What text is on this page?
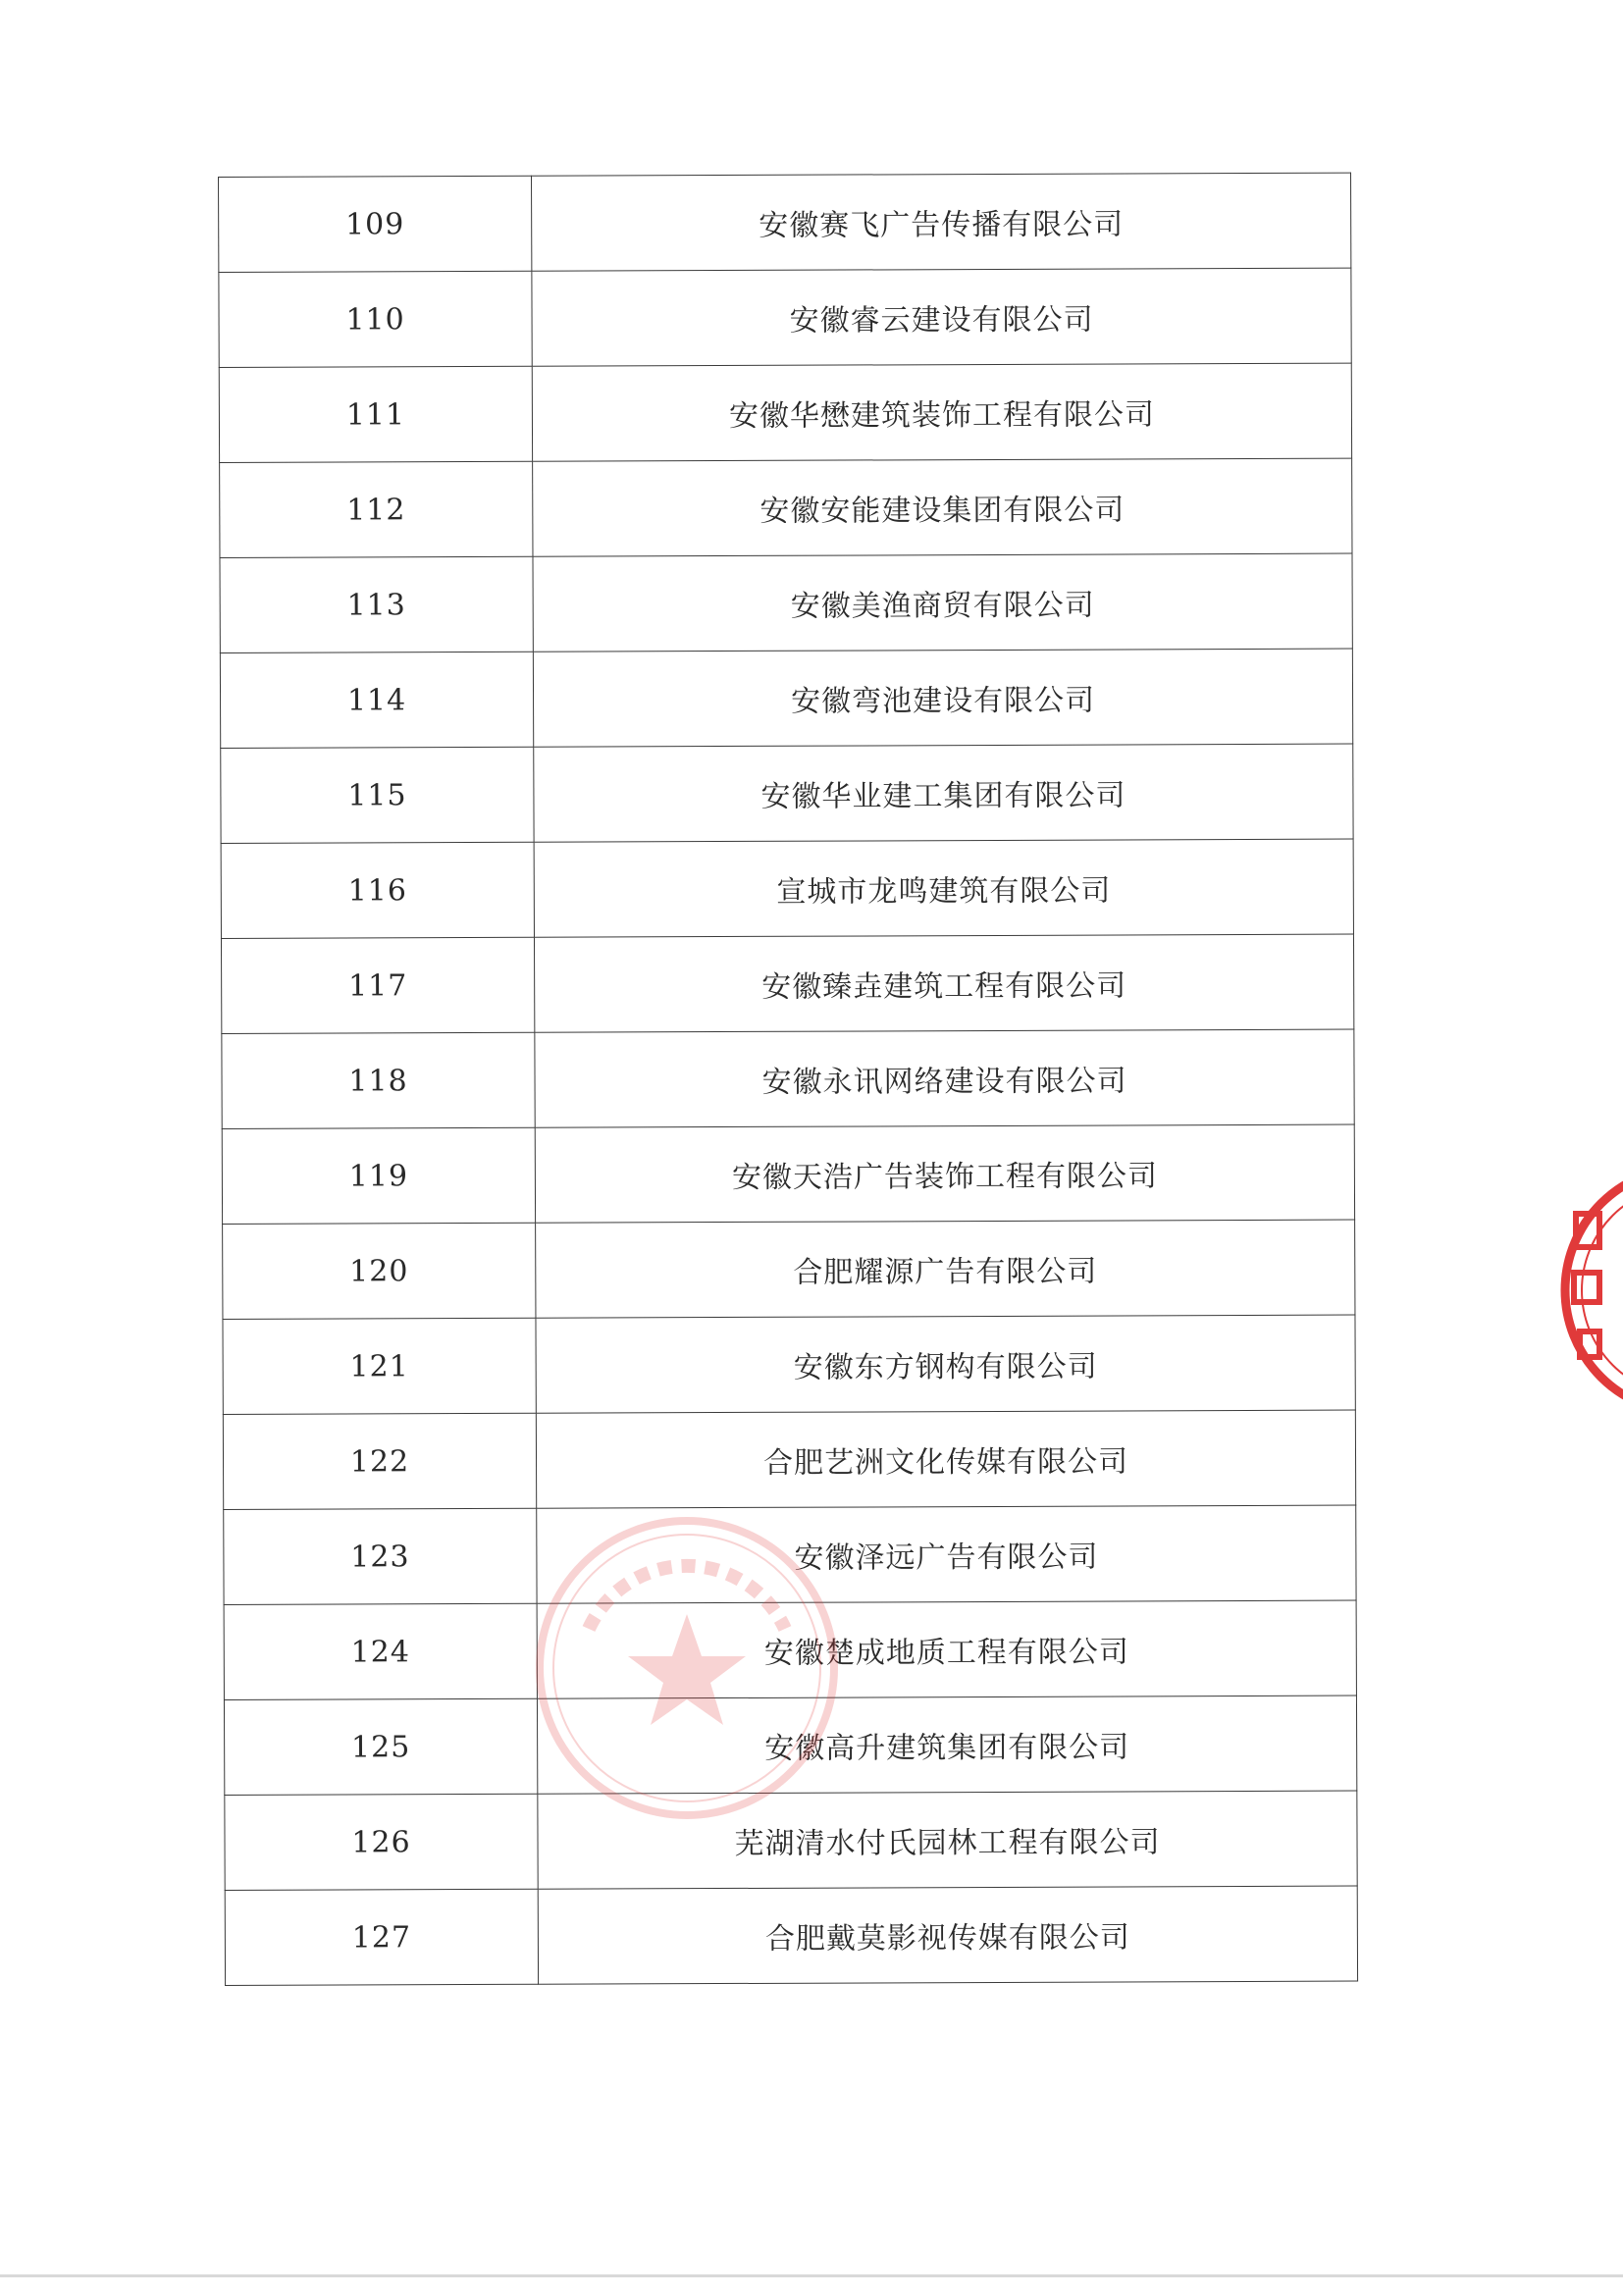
109	安徽赛飞广告传播有限公司
110	安徽睿云建设有限公司
111	安徽华懋建筑装饰工程有限公司
112	安徽安能建设集团有限公司
113	安徽美渔商贸有限公司
114	安徽弯池建设有限公司
115	安徽华业建工集团有限公司
116	宣城市龙鸣建筑有限公司
117	安徽臻垚建筑工程有限公司
118	安徽永讯网络建设有限公司
119	安徽天浩广告装饰工程有限公司
120	合肥耀源广告有限公司
121	安徽东方钢构有限公司
122	合肥艺洲文化传媒有限公司
123	安徽泽远广告有限公司
124	安徽楚成地质工程有限公司
125	安徽高升建筑集团有限公司
126	芜湖清水付氏园林工程有限公司
127	合肥戴莫影视传媒有限公司
